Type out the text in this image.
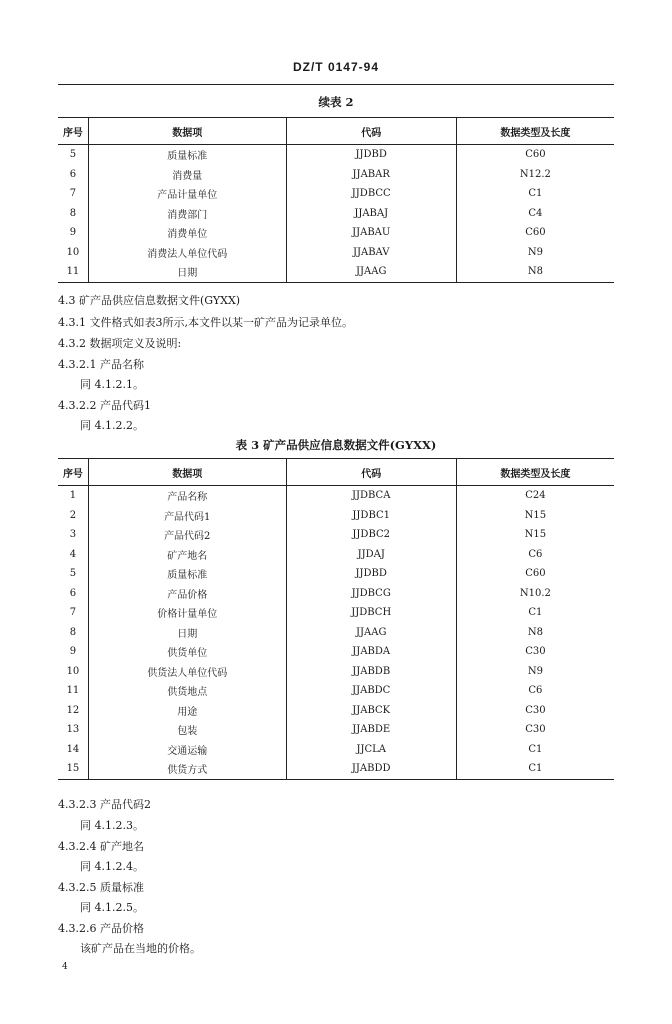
DZ/T 0147-94
续表 2
序号	数据项	代码	数据类型及长度
5	质量标准	JJDBD	C60
6	消费量	JJABAR	N12.2
7	产品计量单位	JJDBCC	C1
8	消费部门	JJABAJ	C4
9	消费单位	JJABAU	C60
10	消费法人单位代码	JJABAV	N9
11	日期	JJAAG	N8
4.3 矿产品供应信息数据文件(GYXX)
4.3.1 文件格式如表3所示,本文件以某一矿产品为记录单位。
4.3.2 数据项定义及说明:
4.3.2.1 产品名称
同 4.1.2.1。
4.3.2.2 产品代码1
同 4.1.2.2。
表 3 矿产品供应信息数据文件(GYXX)
序号	数据项	代码	数据类型及长度
1	产品名称	JJDBCA	C24
2	产品代码1	JJDBC1	N15
3	产品代码2	JJDBC2	N15
4	矿产地名	JJDAJ	C6
5	质量标准	JJDBD	C60
6	产品价格	JJDBCG	N10.2
7	价格计量单位	JJDBCH	C1
8	日期	JJAAG	N8
9	供货单位	JJABDA	C30
10	供货法人单位代码	JJABDB	N9
11	供货地点	JJABDC	C6
12	用途	JJABCK	C30
13	包装	JJABDE	C30
14	交通运输	JJCLA	C1
15	供货方式	JJABDD	C1
4.3.2.3 产品代码2
同 4.1.2.3。
4.3.2.4 矿产地名
同 4.1.2.4。
4.3.2.5 质量标准
同 4.1.2.5。
4.3.2.6 产品价格
该矿产品在当地的价格。
4
